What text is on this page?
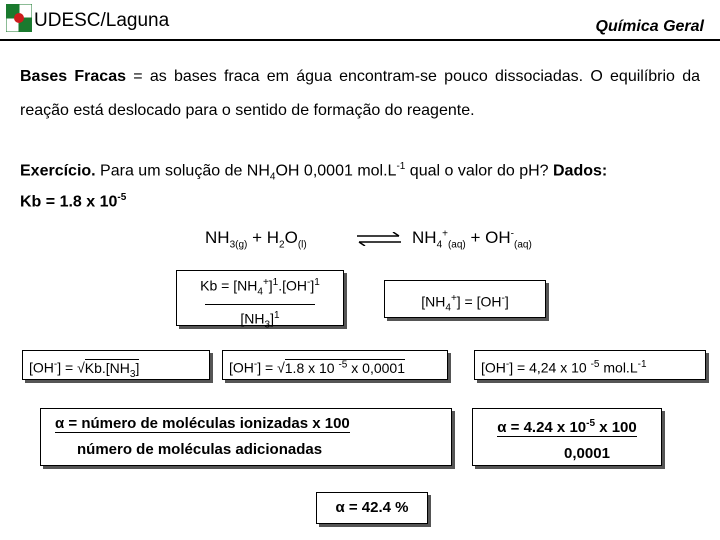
UDESC/Laguna	Química Geral
Bases Fracas = as bases fraca em água encontram-se pouco dissociadas. O equilíbrio da reação está deslocado para o sentido de formação do reagente.
Exercício. Para um solução de $NH_4OH$ 0,0001 $mol.L^{-1}$ qual o valor do pH? Dados:
Kb = 1.8 x $10^{-5}$
$NH_{3(g)} + H_2O_{(l)}$	⇌ $NH_4^+_{(aq)} + OH^-_{(aq)}$
$Kb = [NH_4^+]^1.[OH^-]^1$
$[NH_3]^1$
$[NH_4^+] = [OH^-]$
$[OH^-] = √Kb.[NH_3]$	[OH-] = √1.8 x 10 $^{-5}$ x 0,0001	[OH-] = 4,24 x 10 $^{-5}$ $mol.L^{-1}$
α = número de moléculas ionizadas x 100
número de moléculas adicionadas
α = 4.24 x $10^{-5}$ x 100
0,0001
α = 42.4 %
